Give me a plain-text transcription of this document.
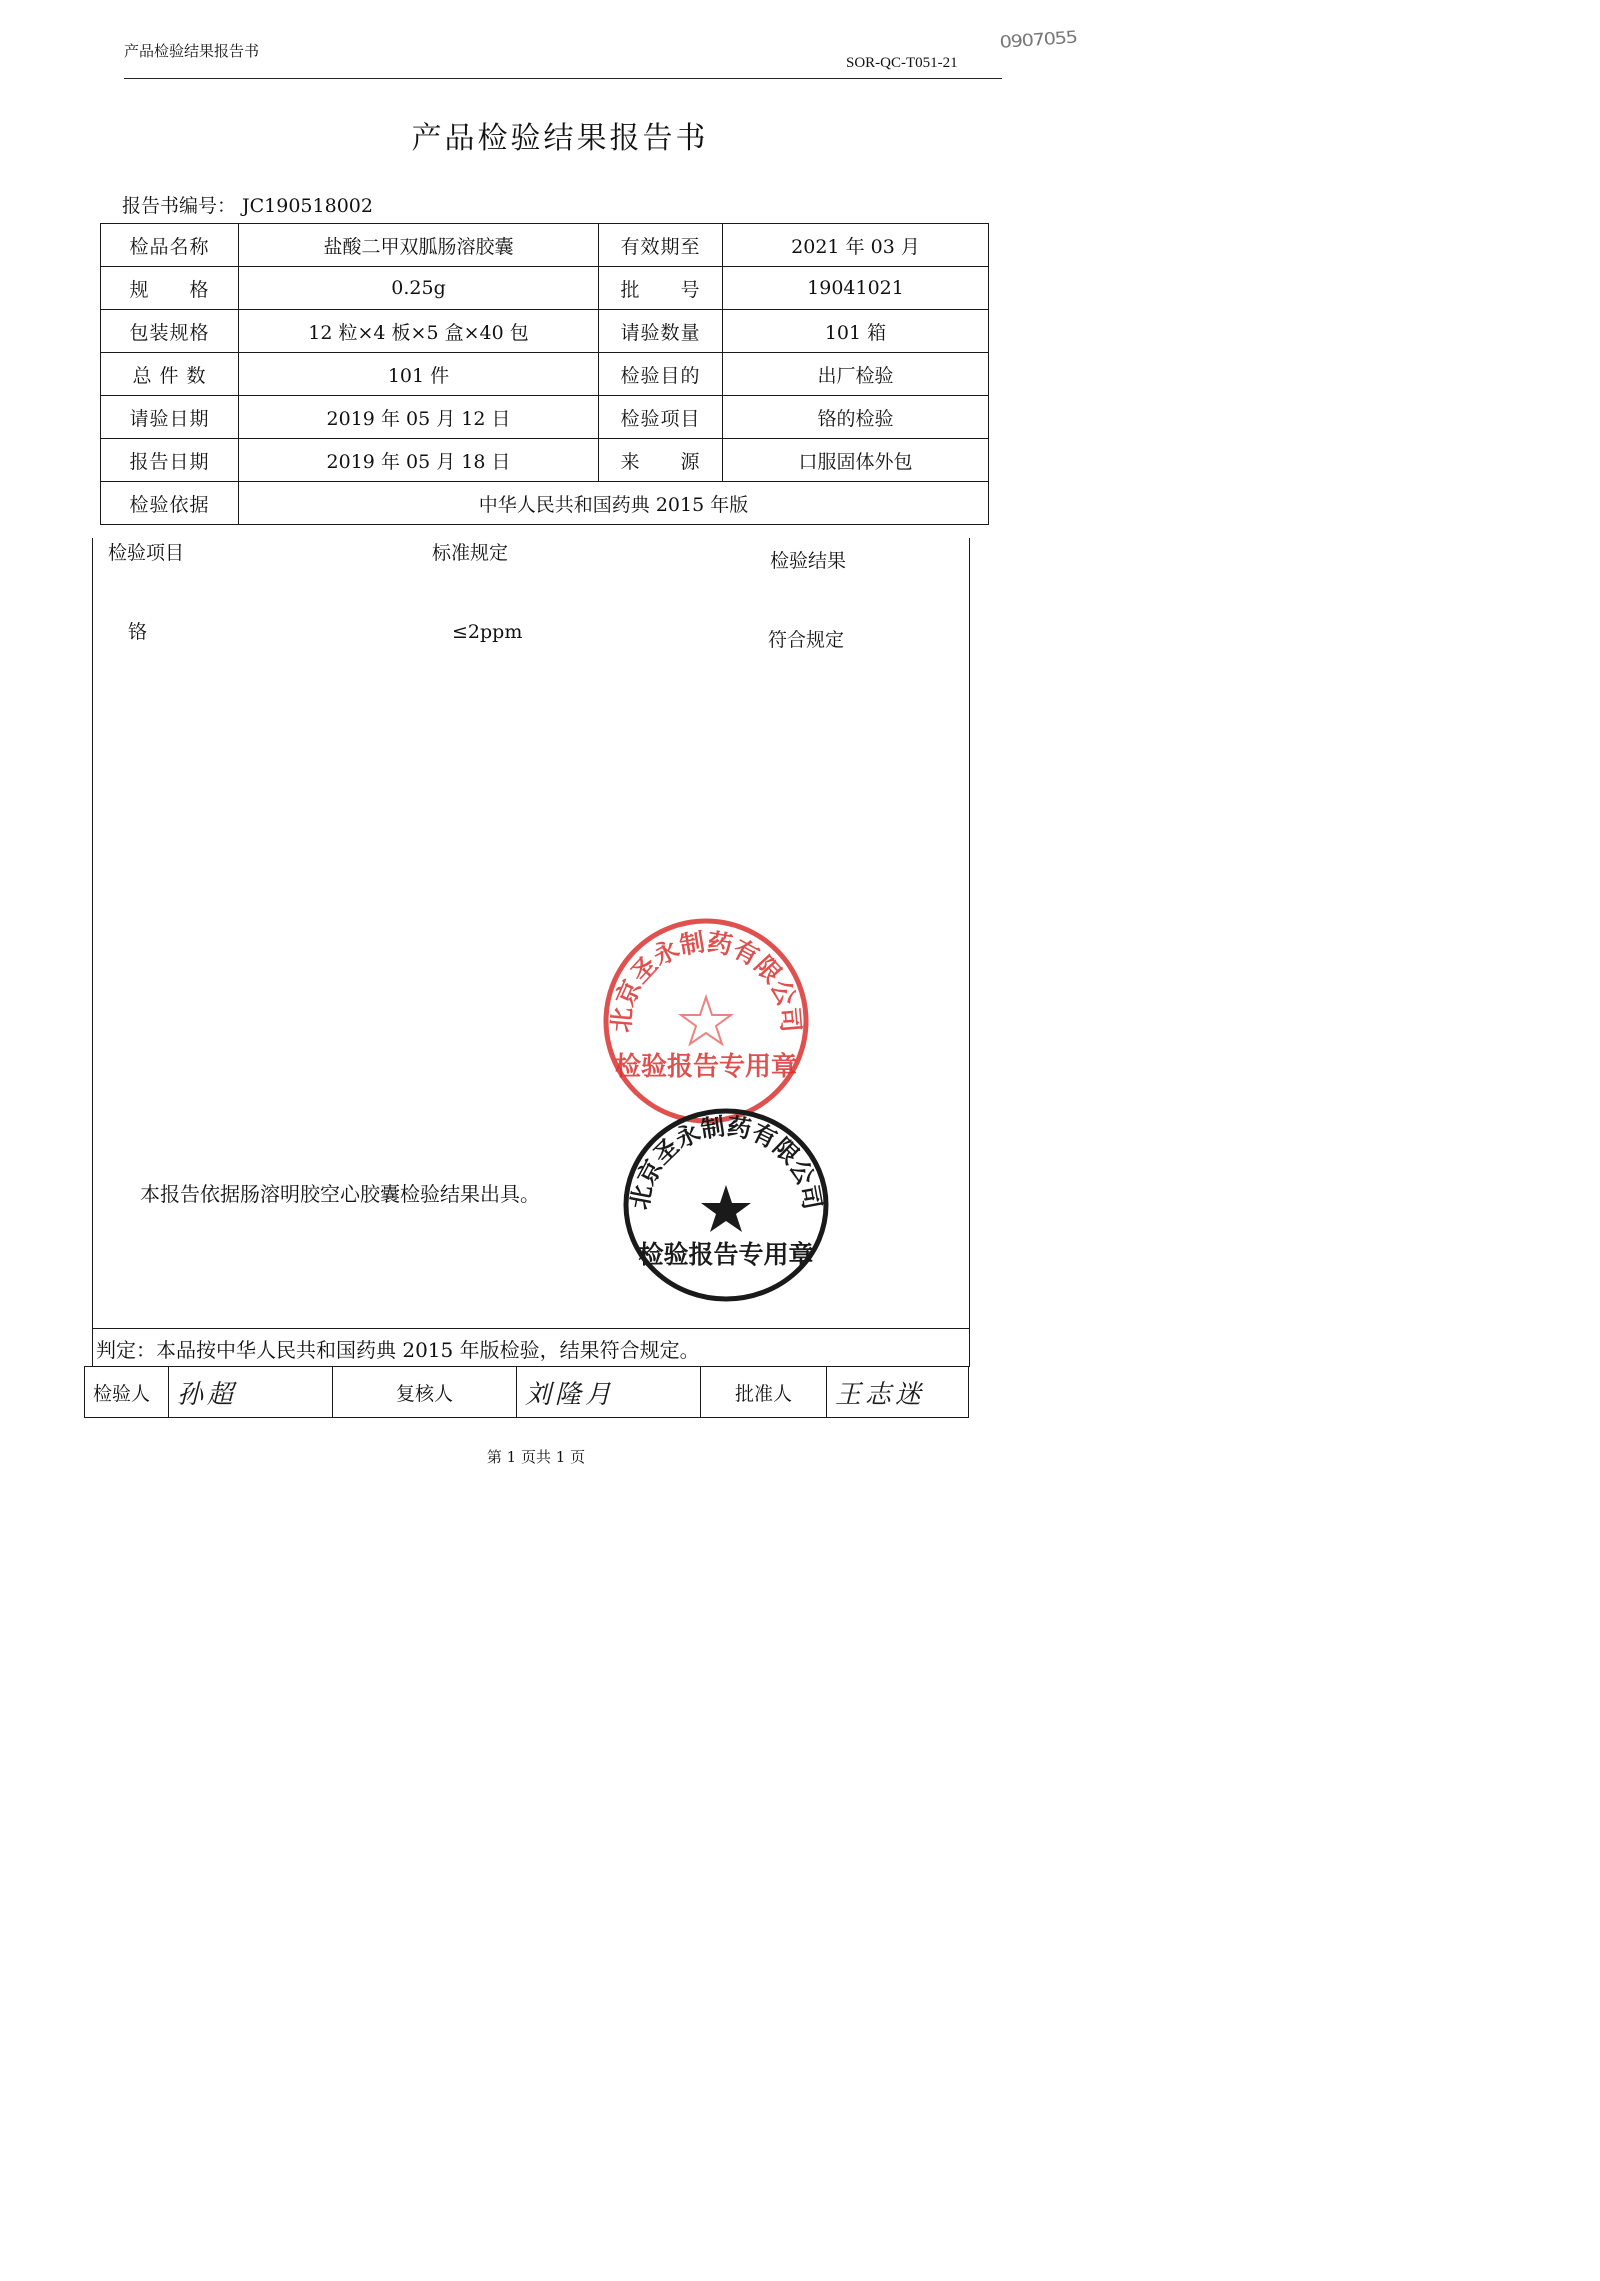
产品检验结果报告书
SOR-QC-T051-21 ⁰⁹⁰⁷⁰⁵⁵
产品检验结果报告书
报告书编号： JC190518002
检品名称	盐酸二甲双胍肠溶胶囊	有效期至	2021 年 03 月
规　　格	0.25g	批　　号	19041021
包装规格	12 粒×4 板×5 盒×40 包	请验数量	101 箱
总 件 数	101 件	检验目的	出厂检验
请验日期	2019 年 05 月 12 日	检验项目	铬的检验
报告日期	2019 年 05 月 18 日	来　　源	口服固体外包
检验依据	中华人民共和国药典 2015 年版		
检验项目	标准规定	检验结果
铬	≤2ppm	符合规定
本报告依据肠溶明胶空心胶囊检验结果出具。
北京圣永制药有限公司
检验报告专用章
北京圣永制药有限公司
检验报告专用章
判定：本品按中华人民共和国药典 2015 年版检验，结果符合规定。
检验人	孙超	复核人	刘隆月	批准人	王志迷
第 1 页共 1 页
